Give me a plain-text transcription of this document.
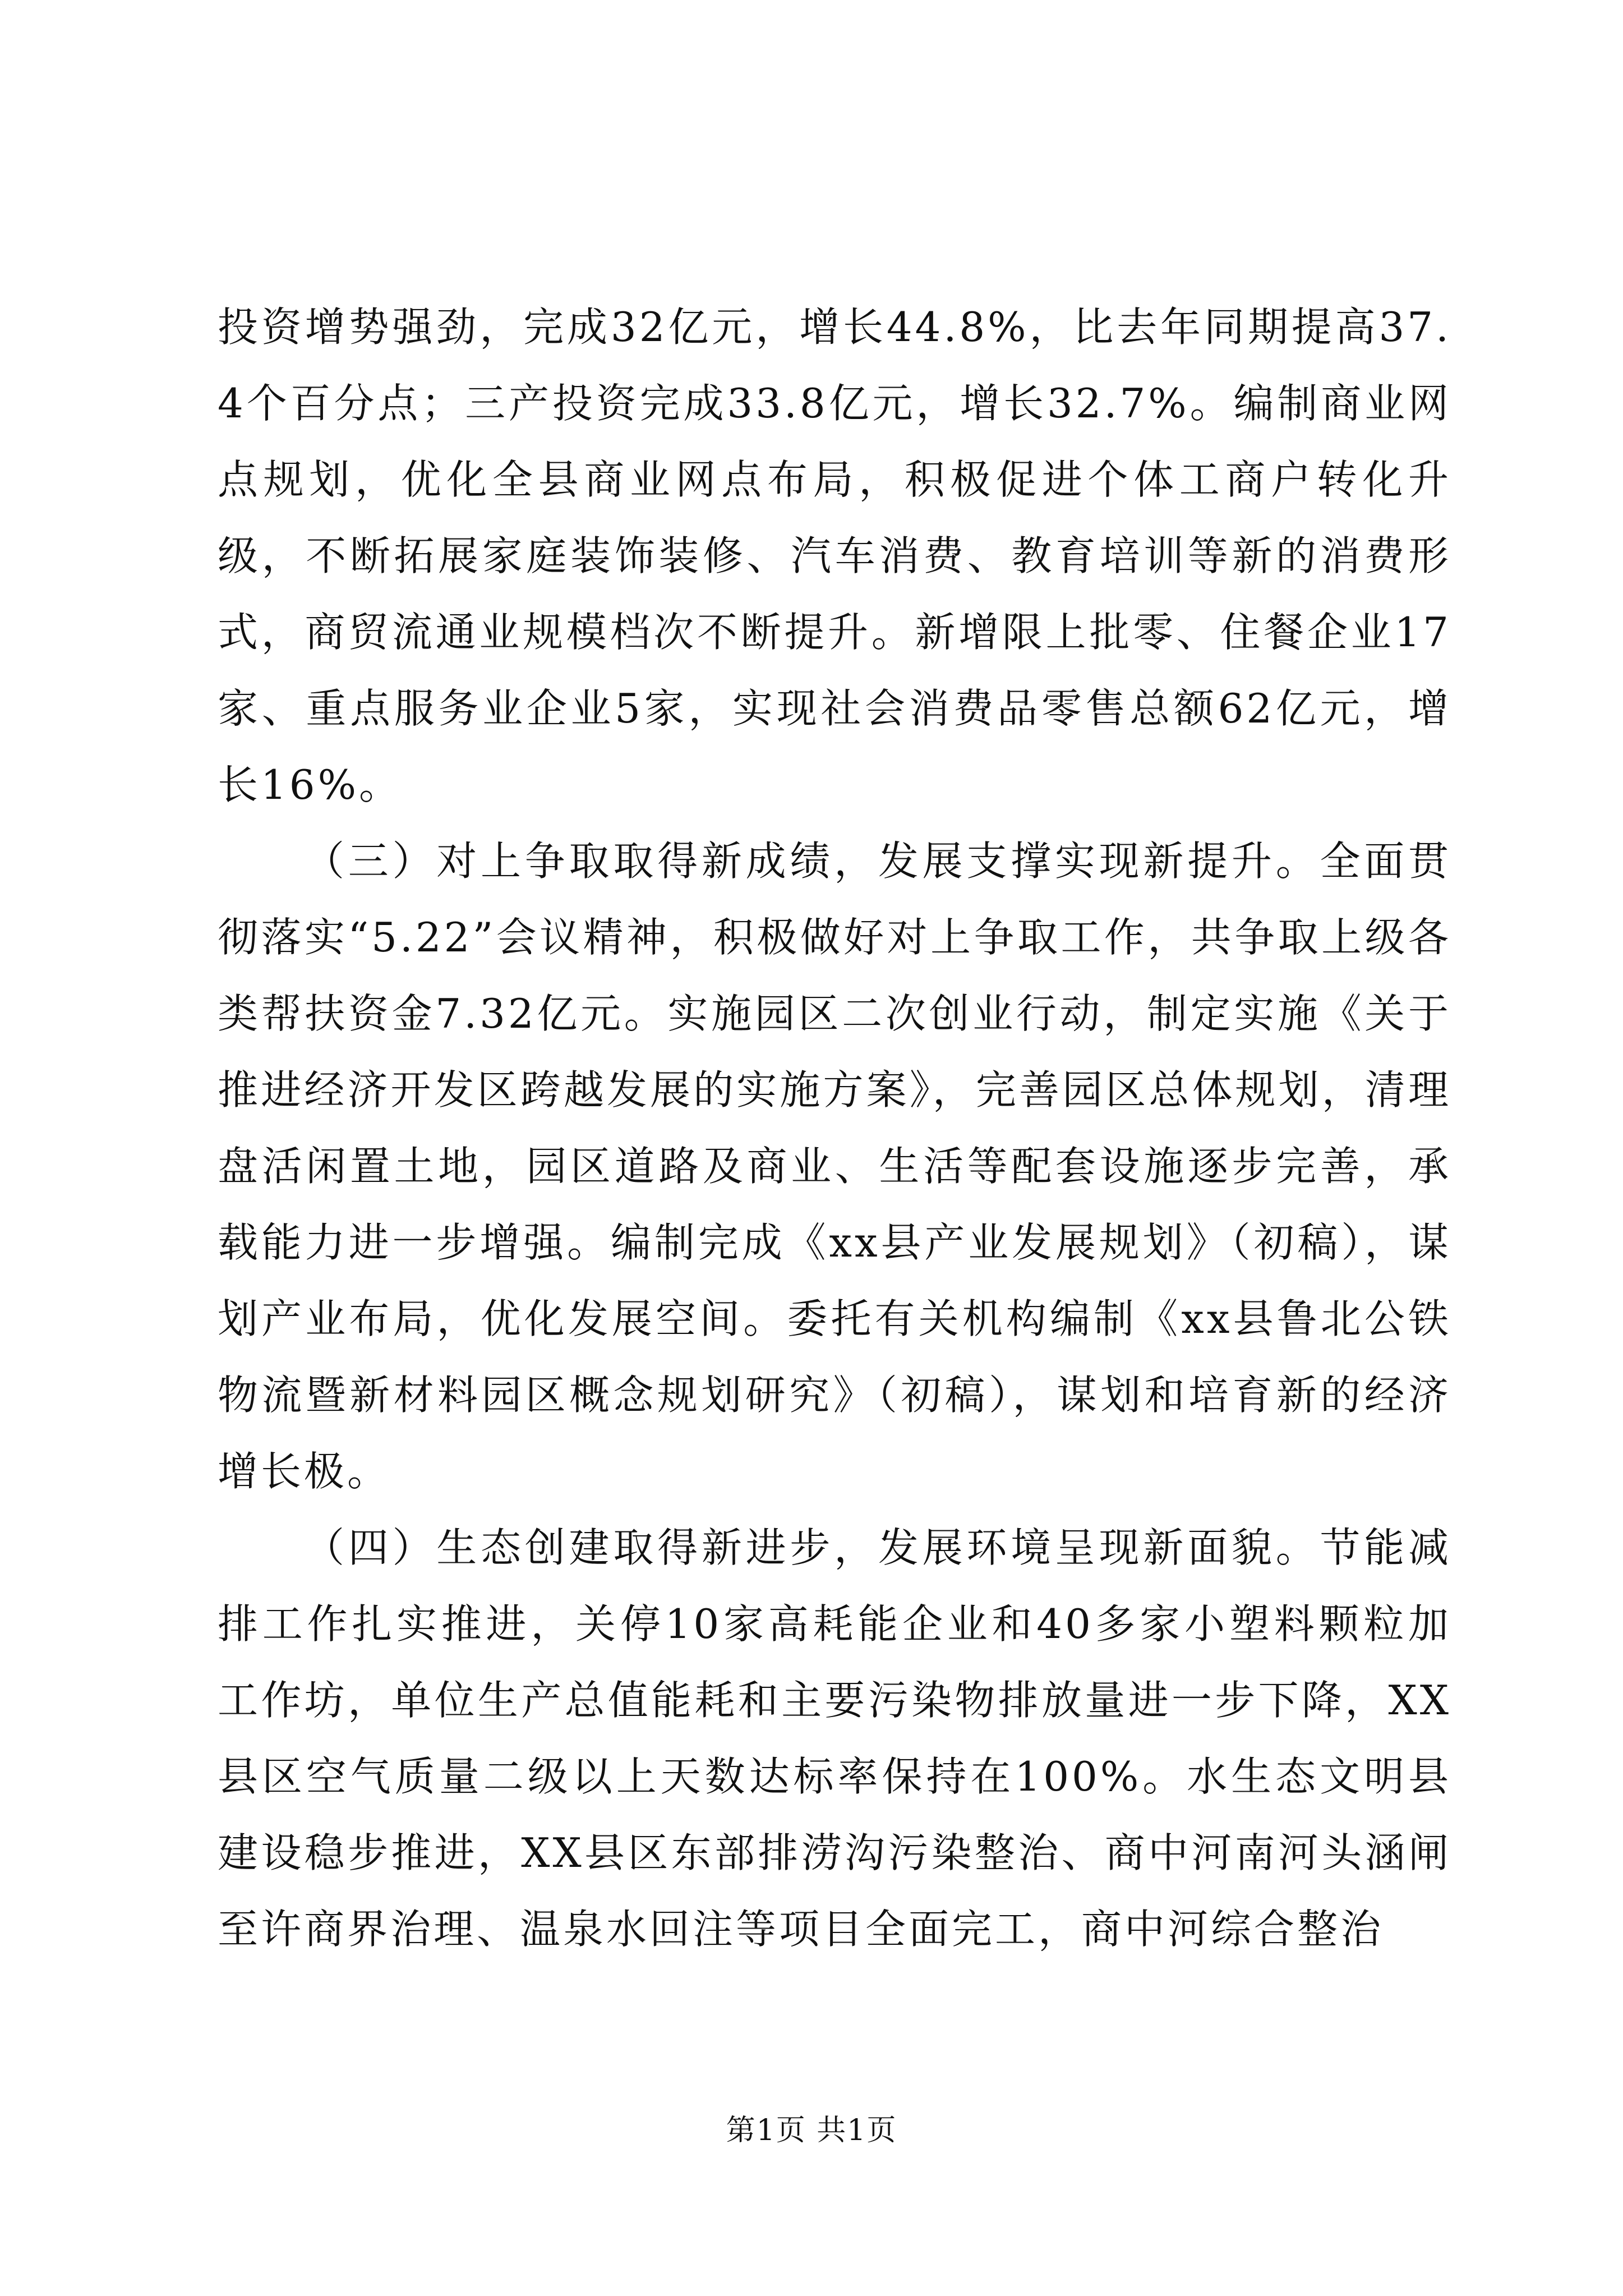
投资增势强劲，完成32亿元，增长44.8%，比去年同期提高37.4个百分点；三产投资完成33.8亿元，增长32.7%。编制商业网点规划，优化全县商业网点布局，积极促进个体工商户转化升级，不断拓展家庭装饰装修、汽车消费、教育培训等新的消费形式，商贸流通业规模档次不断提升。新增限上批零、住餐企业17家、重点服务业企业5家，实现社会消费品零售总额62亿元，增长16%。

（三）对上争取取得新成绩，发展支撑实现新提升。全面贯彻落实“5.22”会议精神，积极做好对上争取工作，共争取上级各类帮扶资金7.32亿元。实施园区二次创业行动，制定实施《关于推进经济开发区跨越发展的实施方案》，完善园区总体规划，清理盘活闲置土地，园区道路及商业、生活等配套设施逐步完善，承载能力进一步增强。编制完成《xx县产业发展规划》（初稿），谋划产业布局，优化发展空间。委托有关机构编制《xx县鲁北公铁物流暨新材料园区概念规划研究》（初稿），谋划和培育新的经济增长极。

（四）生态创建取得新进步，发展环境呈现新面貌。节能减排工作扎实推进，关停10家高耗能企业和40多家小塑料颗粒加工作坊，单位生产总值能耗和主要污染物排放量进一步下降，XX县区空气质量二级以上天数达标率保持在100%。水生态文明县建设稳步推进，XX县区东部排涝沟污染整治、商中河南河头涵闸至许商界治理、温泉水回注等项目全面完工，商中河综合整治

第1页 共1页
